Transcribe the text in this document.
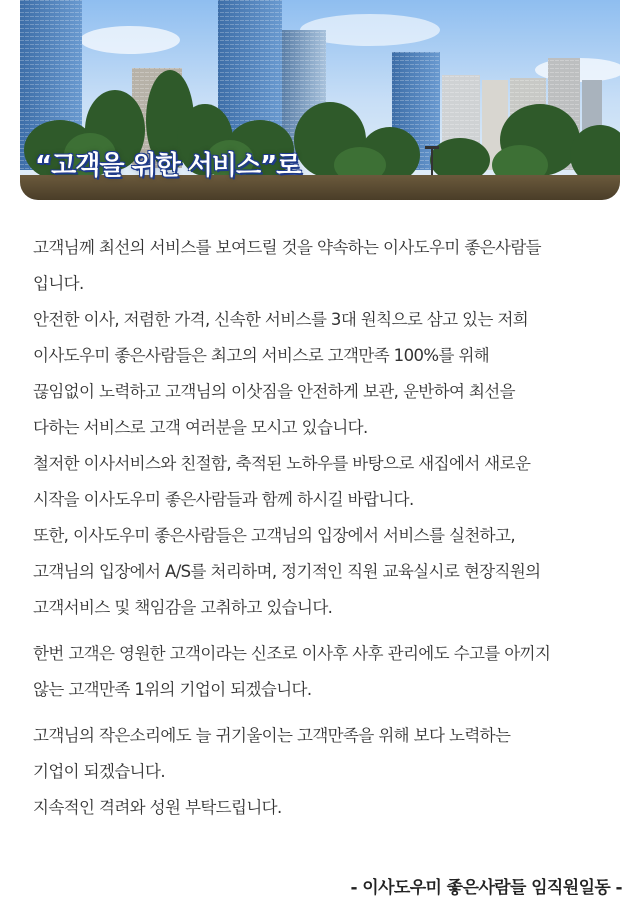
“고객을 위한 서비스”로

고객님께 최선의 서비스를 보여드릴 것을 약속하는 이사도우미 좋은사람들
입니다.
안전한 이사, 저렴한 가격, 신속한 서비스를 3대 원칙으로 삼고 있는 저희
이사도우미 좋은사람들은 최고의 서비스로 고객만족 100%를 위해
끊임없이 노력하고 고객님의 이삿짐을 안전하게 보관, 운반하여 최선을
다하는 서비스로 고객 여러분을 모시고 있습니다.
철저한 이사서비스와 친절함, 축적된 노하우를 바탕으로 새집에서 새로운
시작을 이사도우미 좋은사람들과 함께 하시길 바랍니다.
또한, 이사도우미 좋은사람들은 고객님의 입장에서 서비스를 실천하고,
고객님의 입장에서 A/S를 처리하며, 정기적인 직원 교육실시로 현장직원의
고객서비스 및 책임감을 고취하고 있습니다.

한번 고객은 영원한 고객이라는 신조로 이사후 사후 관리에도 수고를 아끼지
않는 고객만족 1위의 기업이 되겠습니다.

고객님의 작은소리에도 늘 귀기울이는 고객만족을 위해 보다 노력하는
기업이 되겠습니다.
지속적인 격려와 성원 부탁드립니다.

- 이사도우미 좋은사람들 임직원일동 -
